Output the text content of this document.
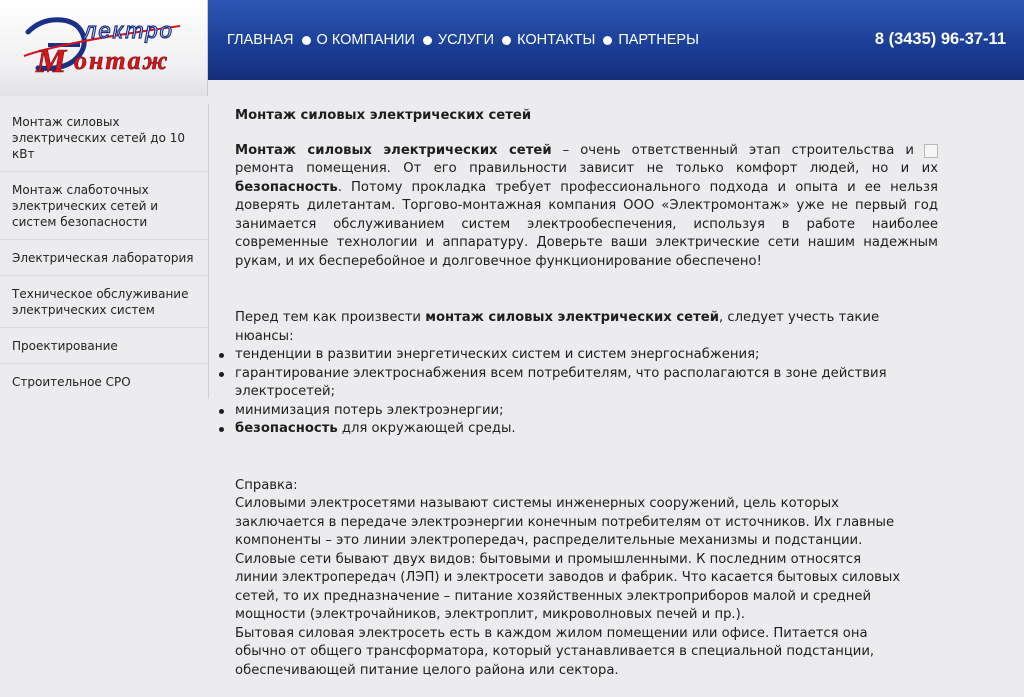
М
лектро
онтаж
ГЛАВНАЯ О КОМПАНИИ УСЛУГИ КОНТАКТЫ ПАРТНЕРЫ	8 (3435) 96-37-11
Монтаж силовых электрических сетей до 10 кВт
Монтаж слаботочных электрических сетей и систем безопасности
Электрическая лаборатория
Техническое обслуживание электрических систем
Проектирование
Строительное СРО
Монтаж силовых электрических сетей

Монтаж силовых электрических сетей – очень ответственный этап строительства и ремонта помещения. От его правильности зависит не только комфорт людей, но и их безопасность. Потому прокладка требует профессионального подхода и опыта и ее нельзя доверять дилетантам. Торгово-монтажная компания ООО «Электромонтаж» уже не первый год занимается обслуживанием систем электрообеспечения, используя в работе наиболее современные технологии и аппаратуру. Доверьте ваши электрические сети нашим надежным рукам, и их бесперебойное и долговечное функционирование обеспечено!

Перед тем как произвести монтаж силовых электрических сетей, следует учесть такие нюансы:

тенденции в развитии энергетических систем и систем энергоснабжения;
гарантирование электроснабжения всем потребителям, что располагаются в зоне действия электросетей;
минимизация потерь электроэнергии;
безопасность для окружающей среды.

Справка:

Силовыми электросетями называют системы инженерных сооружений, цель которых заключается в передаче электроэнергии конечным потребителям от источников. Их главные компоненты – это линии электропередач, распределительные механизмы и подстанции.

Силовые сети бывают двух видов: бытовыми и промышленными. К последним относятся линии электропередач (ЛЭП) и электросети заводов и фабрик. Что касается бытовых силовых сетей, то их предназначение – питание хозяйственных электроприборов малой и средней мощности (электрочайников, электроплит, микроволновых печей и пр.).

Бытовая силовая электросеть есть в каждом жилом помещении или офисе. Питается она обычно от общего трансформатора, который устанавливается в специальной подстанции, обеспечивающей питание целого района или сектора.
